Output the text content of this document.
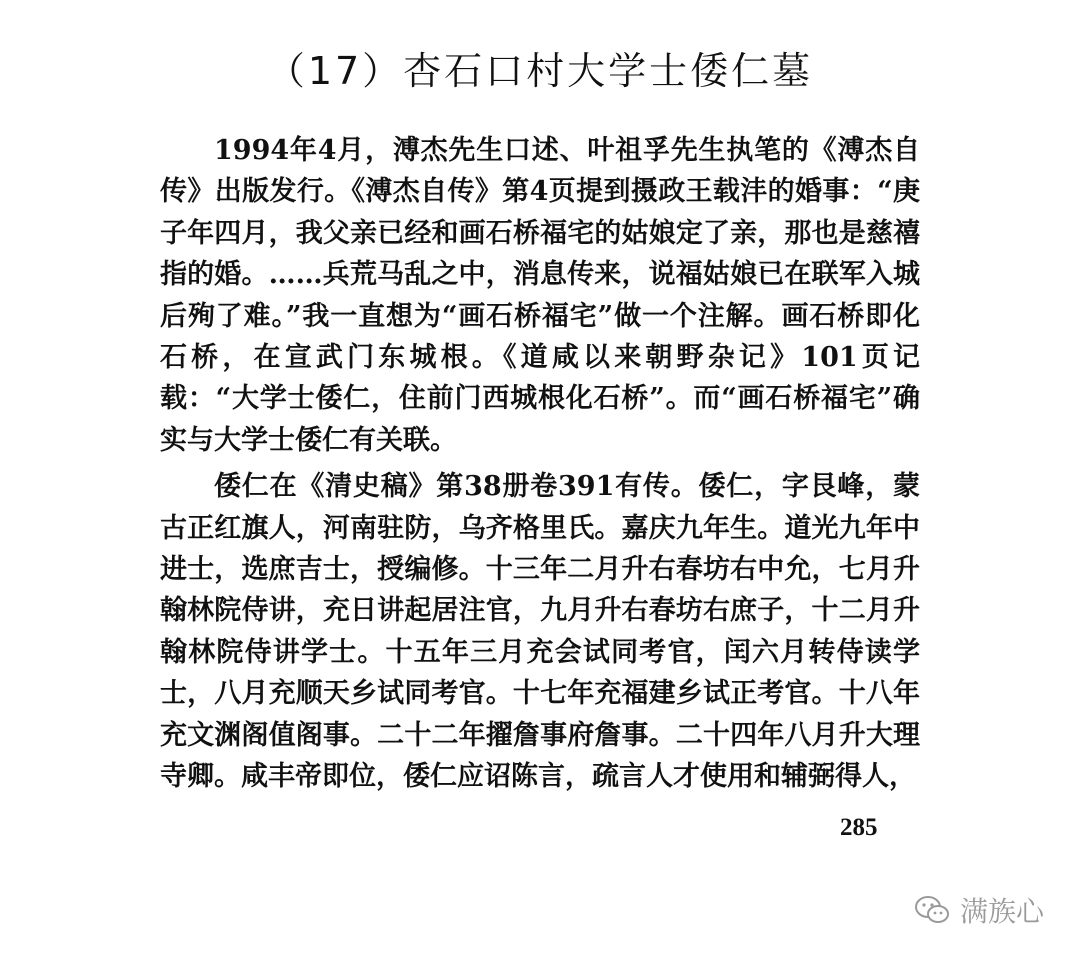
（17）杏石口村大学士倭仁墓

1994年4月，溥杰先生口述、叶祖孚先生执笔的《溥杰自传》出版发行。《溥杰自传》第4页提到摄政王载沣的婚事：“庚子年四月，我父亲已经和画石桥福宅的姑娘定了亲，那也是慈禧指的婚。……兵荒马乱之中，消息传来，说福姑娘已在联军入城后殉了难。”我一直想为“画石桥福宅”做一个注解。画石桥即化石桥，在宣武门东城根。《道咸以来朝野杂记》101页记载：“大学士倭仁，住前门西城根化石桥”。而“画石桥福宅”确实与大学士倭仁有关联。

倭仁在《清史稿》第38册卷391有传。倭仁，字艮峰，蒙古正红旗人，河南驻防，乌齐格里氏。嘉庆九年生。道光九年中进士，选庶吉士，授编修。十三年二月升右春坊右中允，七月升翰林院侍讲，充日讲起居注官，九月升右春坊右庶子，十二月升翰林院侍讲学士。十五年三月充会试同考官，闰六月转侍读学士，八月充顺天乡试同考官。十七年充福建乡试正考官。十八年充文渊阁值阁事。二十二年擢詹事府詹事。二十四年八月升大理寺卿。咸丰帝即位，倭仁应诏陈言，疏言人才使用和辅弼得人，

285
满族心
